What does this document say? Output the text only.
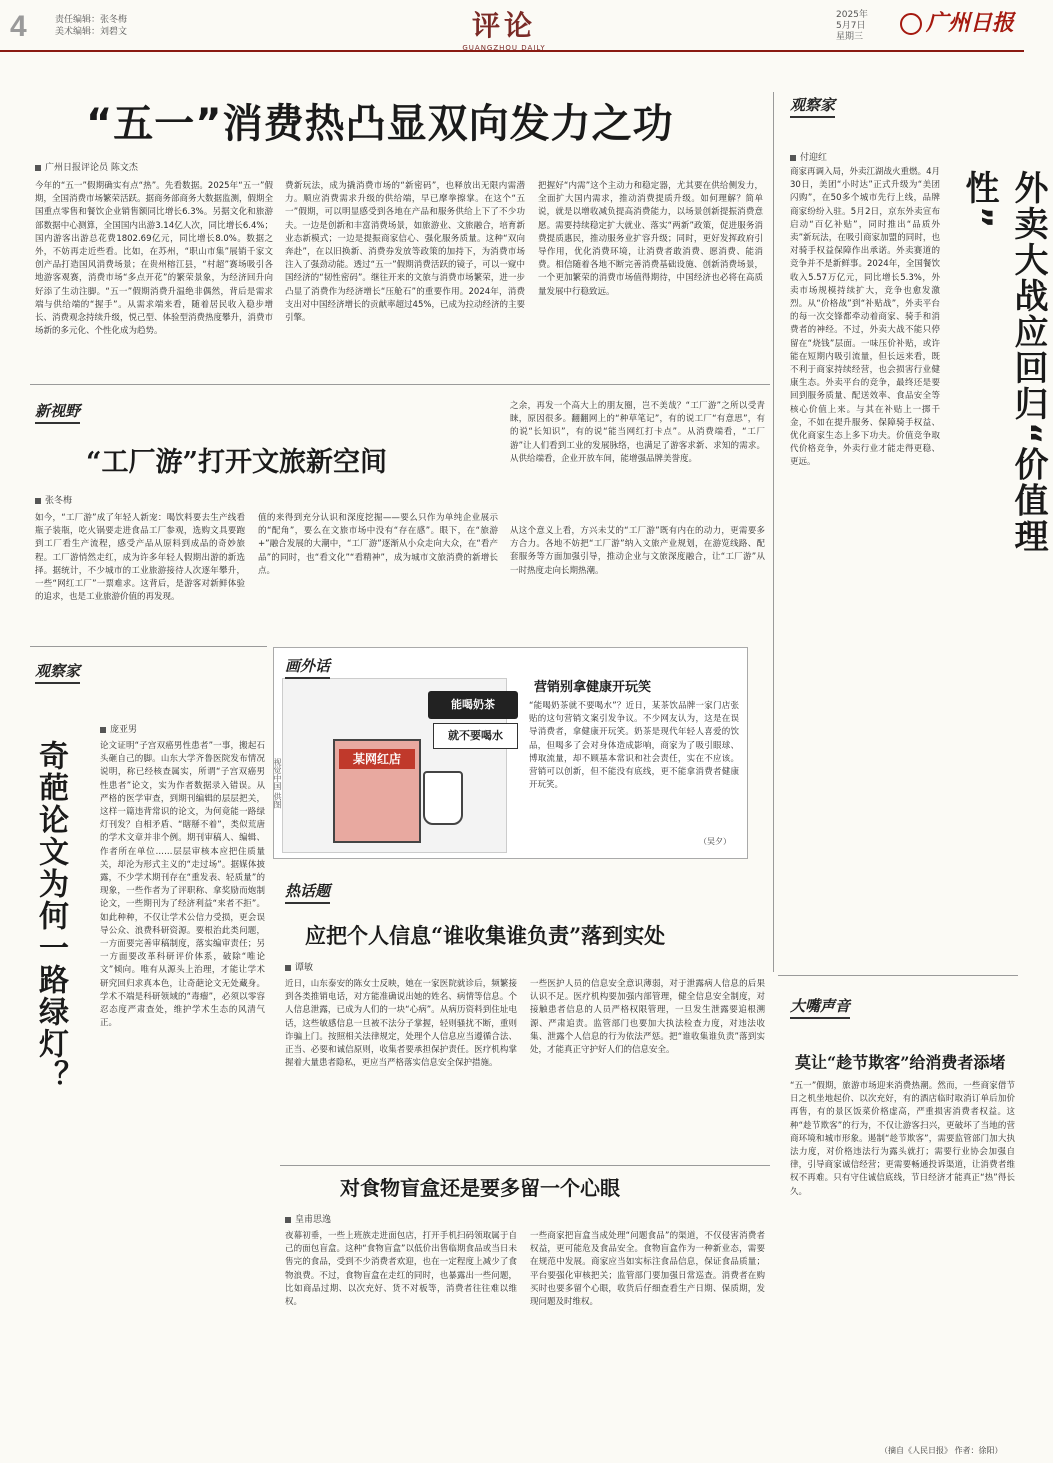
4	责任编辑：张冬梅
美术编辑：刘碧文	评论
GUANGZHOU DAILY
2025年
5月7日
星期三
广州日报
“五一”消费热凸显双向发力之功
广州日报评论员 陈文杰
今年的“五一”假期确实有点“热”。先看数据。2025年“五一”假期，全国消费市场繁荣活跃。据商务部商务大数据监测，假期全国重点零售和餐饮企业销售额同比增长6.3%。另据文化和旅游部数据中心测算，全国国内出游3.14亿人次，同比增长6.4%；国内游客出游总花费1802.69亿元，同比增长8.0%。数据之外，不妨再走近些看。比如，在苏州，“职山市集”展销千家文创产品打造国风消费场景；在贵州榕江县，“村超”赛场吸引各地游客观赛，消费市场“多点开花”的繁荣景象，为经济回升向好添了生动注脚。“五一”假期消费升温绝非偶然，背后是需求端与供给端的“握手”。从需求端来看，随着居民收入稳步增长、消费观念持续升级，悦己型、体验型消费热度攀升，消费市场新的多元化、个性化成为趋势。
费新玩法，成为撬消费市场的“新密码”，也释放出无限内需潜力。顺应消费需求升级的供给端，早已摩拳擦掌。在这个“五一”假期，可以明显感受到各地在产品和服务供给上下了不少功夫。一边是创新和丰富消费场景，如旅游业、文旅融合，培育新业态新模式；一边是提振商家信心、强化服务质量。这种“双向奔赴”，在以旧换新、消费券发放等政策的加持下，为消费市场注入了强劲动能。透过“五一”假期消费活跃的镜子，可以一窥中国经济的“韧性密码”。继往开来的文旅与消费市场繁荣，进一步凸显了消费作为经济增长“压舱石”的重要作用。2024年，消费支出对中国经济增长的贡献率超过45%，已成为拉动经济的主要引擎。
把握好“内需”这个主动力和稳定器，尤其要在供给侧发力，全面扩大国内需求，推动消费提质升级。如何理解？简单说，就是以增收减负提高消费能力，以场景创新提振消费意愿。需要持续稳定扩大就业、落实“两新”政策，促进服务消费提质惠民，推动服务业扩容升级；同时，更好发挥政府引导作用，优化消费环境，让消费者敢消费、愿消费、能消费。相信随着各地不断完善消费基础设施、创新消费场景，一个更加繁荣的消费市场值得期待，中国经济也必将在高质量发展中行稳致远。
观察家
付迎红
商家再调入局，外卖江湖战火重燃。4月30日，美团“小时达”正式升级为“美团闪购”，在50多个城市先行上线，品牌商家纷纷入驻。5月2日，京东外卖宣布启动“百亿补贴”，同时推出“品质外卖”新玩法，在吸引商家加盟的同时，也对骑手权益保障作出承诺。外卖赛道的竞争并不是新鲜事。2024年，全国餐饮收入5.57万亿元，同比增长5.3%，外卖市场规模持续扩大，竞争也愈发激烈。从“价格战”到“补贴战”，外卖平台的每一次交锋都牵动着商家、骑手和消费者的神经。不过，外卖大战不能只停留在“烧钱”层面。一味压价补贴，或许能在短期内吸引流量，但长远来看，既不利于商家持续经营，也会损害行业健康生态。外卖平台的竞争，最终还是要回到服务质量、配送效率、食品安全等核心价值上来。与其在补贴上一掷千金，不如在提升服务、保障骑手权益、优化商家生态上多下功夫。价值竞争取代价格竞争，外卖行业才能走得更稳、更远。	外卖大战应回归“价值理性”
新视野
“工厂游”打开文旅新空间
张冬梅
如今，“工厂游”成了年轻人新宠：喝饮料要去生产线看瓶子装瓶，吃火锅要走进食品工厂参观，选购文具要跑到工厂看生产流程，感受产品从原料到成品的奇妙旅程。工厂游悄然走红，成为许多年轻人假期出游的新选择。据统计，不少城市的工业旅游接待人次逐年攀升，一些“网红工厂”一票难求。这背后，是游客对新鲜体验的追求，也是工业旅游价值的再发现。
值的来得到充分认识和深度挖掘——要么只作为单纯企业展示的“配角”，要么在文旅市场中没有“存在感”。眼下，在“旅游+”融合发展的大潮中，“工厂游”逐渐从小众走向大众，在“看产品”的同时，也“看文化”“看精神”，成为城市文旅消费的新增长点。
之余，再发一个高大上的朋友圈，岂不美哉？“工厂游”之所以受青睐，原因很多。翻翻网上的“种草笔记”，有的说工厂“有意思”，有的说“长知识”，有的说“能当网红打卡点”。从消费端看，“工厂游”让人们看到工业的发展脉络，也满足了游客求新、求知的需求。从供给端看，企业开放车间，能增强品牌美誉度。
从这个意义上看，方兴未艾的“工厂游”既有内在的动力，更需要多方合力。各地不妨把“工厂游”纳入文旅产业规划，在游览线路、配套服务等方面加强引导，推动企业与文旅深度融合，让“工厂游”从一时热度走向长期热潮。
观察家
奇葩论文为何一路绿灯？
庞亚男
论文证明“子宫双癌男性患者”一事，搬起石头砸自己的脚。山东大学齐鲁医院发布情况说明，称已经核查属实，所谓“子宫双癌男性患者”论文，实为作者数据录入错误。从严格的医学审查，到期刊编辑的层层把关，这样一篇违背常识的论文，为何竟能一路绿灯刊发？自相矛盾、“瞎掰不着”，类似荒唐的学术文章并非个例。期刊审稿人、编辑、作者所在单位……层层审核本应把住质量关，却沦为形式主义的“走过场”。据媒体披露，不少学术期刊存在“重发表、轻质量”的现象，一些作者为了评职称、拿奖励而炮制论文，一些期刊为了经济利益“来者不拒”。如此种种，不仅让学术公信力受损，更会误导公众、浪费科研资源。要根治此类问题，一方面要完善审稿制度，落实编审责任；另一方面要改革科研评价体系，破除“唯论文”倾向。唯有从源头上治理，才能让学术研究回归求真本色，让奇葩论文无处藏身。学术不端是科研领域的“毒瘤”，必须以零容忍态度严肃查处，维护学术生态的风清气正。
画外话
某网红店
能喝奶茶
就不要喝水
视觉中国 供图
营销别拿健康开玩笑
“能喝奶茶就不要喝水”？近日，某茶饮品牌一家门店张贴的这句营销文案引发争议。不少网友认为，这是在误导消费者，拿健康开玩笑。奶茶是现代年轻人喜爱的饮品，但喝多了会对身体造成影响，商家为了吸引眼球、博取流量，却不顾基本常识和社会责任，实在不应该。营销可以创新，但不能没有底线，更不能拿消费者健康开玩笑。
（吴夕）
热话题
应把个人信息“谁收集谁负责”落到实处
谭敏
近日，山东泰安的陈女士反映，她在一家医院就诊后，频繁接到各类推销电话，对方能准确说出她的姓名、病情等信息。个人信息泄露，已成为人们的一块“心病”。从病历资料到住址电话，这些敏感信息一旦被不法分子掌握，轻则骚扰不断，重则诈骗上门。按照相关法律规定，处理个人信息应当遵循合法、正当、必要和诚信原则，收集者要承担保护责任。医疗机构掌握着大量患者隐私，更应当严格落实信息安全保护措施。
一些医护人员的信息安全意识薄弱，对于泄露病人信息的后果认识不足。医疗机构要加强内部管理，健全信息安全制度，对接触患者信息的人员严格权限管理，一旦发生泄露要追根溯源、严肃追责。监管部门也要加大执法检查力度，对违法收集、泄露个人信息的行为依法严惩。把“谁收集谁负责”落到实处，才能真正守护好人们的信息安全。
对食物盲盒还是要多留一个心眼
皇甫思逸
夜幕初垂，一些上班族走进面包店，打开手机扫码领取属于自己的面包盲盒。这种“食物盲盒”以低价出售临期食品或当日未售完的食品，受到不少消费者欢迎，也在一定程度上减少了食物浪费。不过，食物盲盒在走红的同时，也暴露出一些问题，比如商品过期、以次充好、货不对板等，消费者往往难以维权。
一些商家把盲盒当成处理“问题食品”的渠道，不仅侵害消费者权益，更可能危及食品安全。食物盲盒作为一种新业态，需要在规范中发展。商家应当如实标注食品信息，保证食品质量；平台要强化审核把关；监管部门要加强日常巡查。消费者在购买时也要多留个心眼，收货后仔细查看生产日期、保质期，发现问题及时维权。
大嘴声音
莫让“趁节欺客”给消费者添堵
“五一”假期，旅游市场迎来消费热潮。然而，一些商家借节日之机坐地起价、以次充好，有的酒店临时取消订单后加价再售，有的景区饭菜价格虚高，严重损害消费者权益。这种“趁节欺客”的行为，不仅让游客扫兴，更破坏了当地的营商环境和城市形象。遏制“趁节欺客”，需要监管部门加大执法力度，对价格违法行为露头就打；需要行业协会加强自律，引导商家诚信经营；更需要畅通投诉渠道，让消费者维权不再难。只有守住诚信底线，节日经济才能真正“热”得长久。
（摘自《人民日报》 作者：徐阳）
